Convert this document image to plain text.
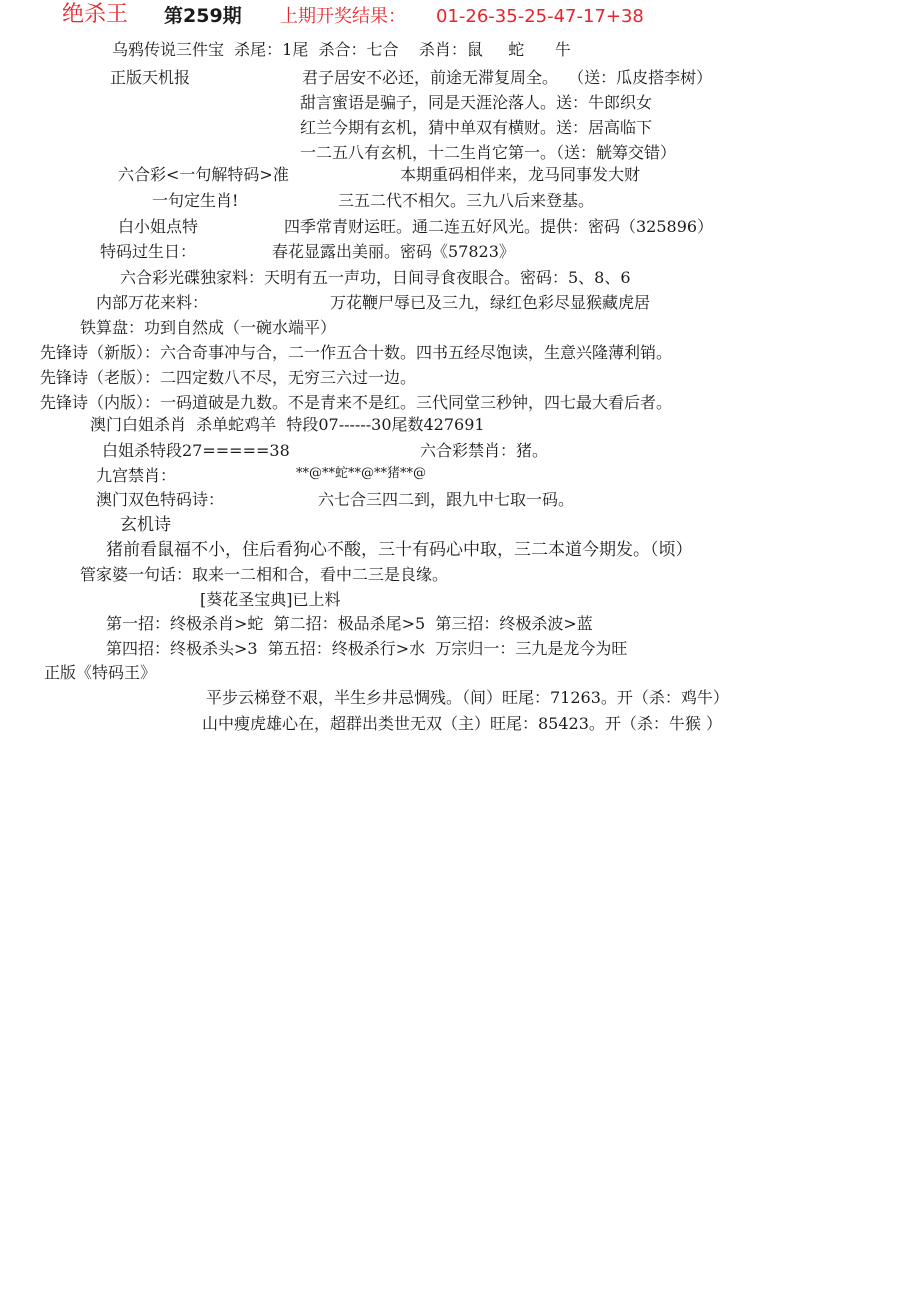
绝杀王 第259期 上期开奖结果： 01-26-35-25-47-17+38
乌鸦传说三件宝  杀尾：1尾  杀合：七合    杀肖：鼠     蛇      牛
正版天机报	君子居安不必还，前途无滞复周全。  （送：瓜皮搭李树）
甜言蜜语是骗子，同是天涯沦落人。送：牛郎织女
红兰今期有玄机，猜中单双有横财。送：居高临下
一二五八有玄机，十二生肖它第一。（送：觥筹交错）
六合彩<一句解特码>准	本期重码相伴来，龙马同事发大财
一句定生肖!	三五二代不相欠。三九八后来登基。
白小姐点特	四季常青财运旺。通二连五好风光。提供：密码（325896）
特码过生日：	春花显露出美丽。密码《57823》
六合彩光碟独家料：天明有五一声功，日间寻食夜眼合。密码：5、8、6
内部万花来料：	万花鞭尸辱已及三九，绿红色彩尽显猴藏虎居
铁算盘：功到自然成（一碗水端平）
先锋诗（新版）：六合奇事冲与合，二一作五合十数。四书五经尽饱读，生意兴隆薄利销。
先锋诗（老版）：二四定数八不尽，无穷三六过一边。
先锋诗（内版）：一码道破是九数。不是青来不是红。三代同堂三秒钟，四七最大看后者。
澳门白姐杀肖  杀单蛇鸡羊  特段07------30尾数427691
白姐杀特段27=====38	六合彩禁肖：猪。
九宫禁肖：	**@**蛇**@**猪**@
澳门双色特码诗：	六七合三四二到，跟九中七取一码。
玄机诗
猪前看鼠福不小，住后看狗心不酸，三十有码心中取，三二本道今期发。（顷）
管家婆一句话：取来一二相和合，看中二三是良缘。
[葵花圣宝典]已上料
第一招：终极杀肖>蛇  第二招：极品杀尾>5  第三招：终极杀波>蓝
第四招：终极杀头>3  第五招：终极杀行>水  万宗归一：三九是龙今为旺
正版《特码王》
平步云梯登不艰，半生乡井忌惆残。（间）旺尾：71263。开（杀：鸡牛）
山中瘦虎雄心在，超群出类世无双（主）旺尾：85423。开（杀：牛猴 ）
